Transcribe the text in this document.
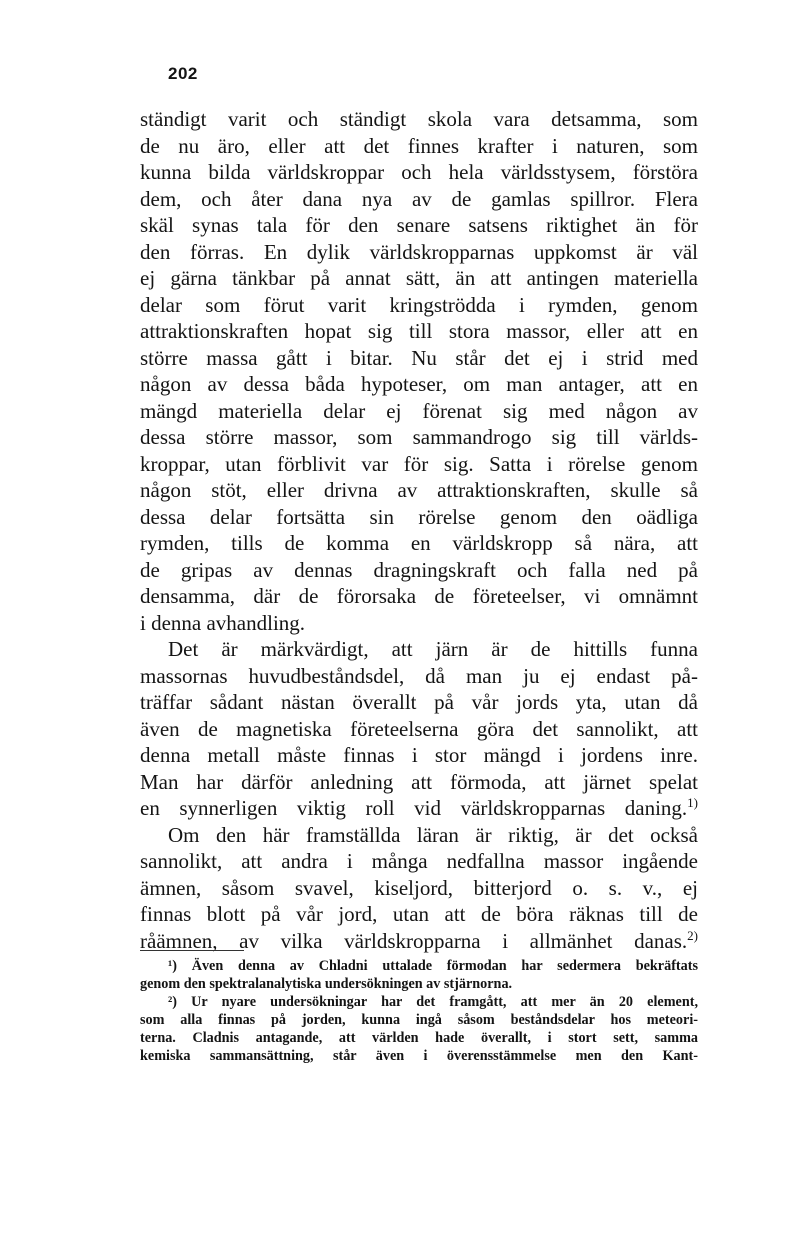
202
ständigt varit och ständigt skola vara detsamma, som
de nu äro, eller att det finnes krafter i naturen, som
kunna bilda världskroppar och hela världsstysem, förstöra
dem, och åter dana nya av de gamlas spillror. Flera
skäl synas tala för den senare satsens riktighet än för
den förras. En dylik världskropparnas uppkomst är väl
ej gärna tänkbar på annat sätt, än att antingen materiella
delar som förut varit kringströdda i rymden, genom
attraktionskraften hopat sig till stora massor, eller att en
större massa gått i bitar. Nu står det ej i strid med
någon av dessa båda hypoteser, om man antager, att en
mängd materiella delar ej förenat sig med någon av
dessa större massor, som sammandrogo sig till världs-
kroppar, utan förblivit var för sig. Satta i rörelse genom
någon stöt, eller drivna av attraktionskraften, skulle så
dessa delar fortsätta sin rörelse genom den oädliga
rymden, tills de komma en världskropp så nära, att
de gripas av dennas dragningskraft och falla ned på
densamma, där de förorsaka de företeelser, vi omnämnt
i denna avhandling.
Det är märkvärdigt, att järn är de hittills funna
massornas huvudbeståndsdel, då man ju ej endast på-
träffar sådant nästan överallt på vår jords yta, utan då
även de magnetiska företeelserna göra det sannolikt, att
denna metall måste finnas i stor mängd i jordens inre.
Man har därför anledning att förmoda, att järnet spelat
en synnerligen viktig roll vid världskropparnas daning.$^{1)}$
Om den här framställda läran är riktig, är det också
sannolikt, att andra i många nedfallna massor ingående
ämnen, såsom svavel, kiseljord, bitterjord o. s. v., ej
finnas blott på vår jord, utan att de böra räknas till de
råämnen, av vilka världskropparna i allmänhet danas.$^{2)}$
¹) Även denna av Chladni uttalade förmodan har sedermera bekräftats
genom den spektralanalytiska undersökningen av stjärnorna.
²) Ur nyare undersökningar har det framgått, att mer än 20 element,
som alla finnas på jorden, kunna ingå såsom beståndsdelar hos meteori-
terna. Cladnis antagande, att världen hade överallt, i stort sett, samma
kemiska sammansättning, står även i överensstämmelse men den Kant-
